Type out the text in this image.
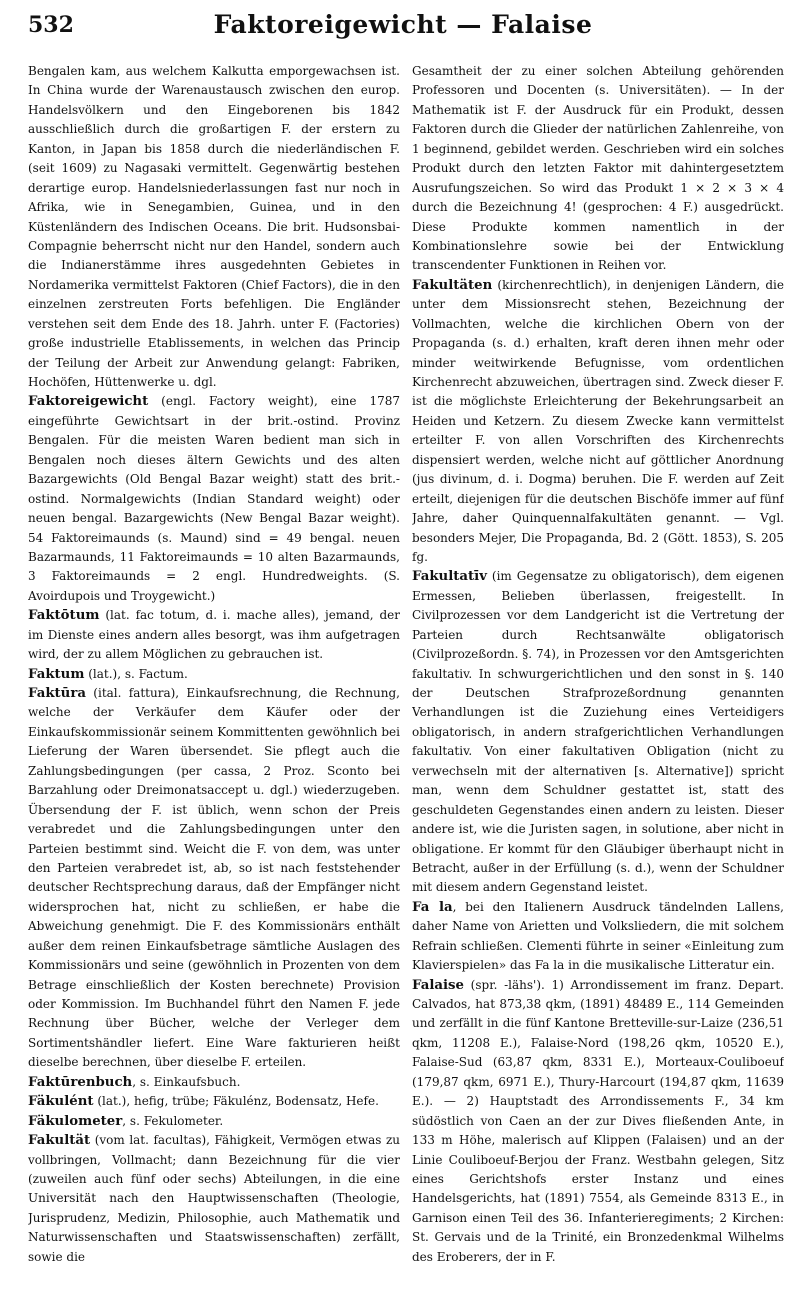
532	Faktoreigewicht — Falaise

Bengalen kam, aus welchem Kalkutta emporgewachsen ist. In China wurde der Warenaustausch zwischen den europ. Handelsvölkern und den Eingeborenen bis 1842 ausschließlich durch die großartigen F. der erstern zu Kanton, in Japan bis 1858 durch die niederländischen F. (seit 1609) zu Nagasaki vermittelt. Gegenwärtig bestehen derartige europ. Handelsniederlassungen fast nur noch in Afrika, wie in Senegambien, Guinea, und in den Küstenländern des Indischen Oceans. Die brit. Hudsonsbai-Compagnie beherrscht nicht nur den Handel, sondern auch die Indianerstämme ihres ausgedehnten Gebietes in Nordamerika vermittelst Faktoren (Chief Factors), die in den einzelnen zerstreuten Forts befehligen. Die Engländer verstehen seit dem Ende des 18. Jahrh. unter F. (Factories) große industrielle Etablissements, in welchen das Princip der Teilung der Arbeit zur Anwendung gelangt: Fabriken, Hochöfen, Hüttenwerke u. dgl.

Faktoreigewicht (engl. Factory weight), eine 1787 eingeführte Gewichtsart in der brit.-ostind. Provinz Bengalen. Für die meisten Waren bedient man sich in Bengalen noch dieses ältern Gewichts und des alten Bazargewichts (Old Bengal Bazar weight) statt des brit.-ostind. Normalgewichts (Indian Standard weight) oder neuen bengal. Bazargewichts (New Bengal Bazar weight). 54 Faktoreimaunds (s. Maund) sind = 49 bengal. neuen Bazarmaunds, 11 Faktoreimaunds = 10 alten Bazarmaunds, 3 Faktoreimaunds = 2 engl. Hundredweights. (S. Avoirdupois und Troygewicht.)

Faktōtum (lat. fac totum, d. i. mache alles), jemand, der im Dienste eines andern alles besorgt, was ihm aufgetragen wird, der zu allem Möglichen zu gebrauchen ist.

Faktum (lat.), s. Factum.

Faktūra (ital. fattura), Einkaufsrechnung, die Rechnung, welche der Verkäufer dem Käufer oder der Einkaufskommissionär seinem Kommittenten gewöhnlich bei Lieferung der Waren übersendet. Sie pflegt auch die Zahlungsbedingungen (per cassa, 2 Proz. Sconto bei Barzahlung oder Dreimonatsaccept u. dgl.) wiederzugeben. Übersendung der F. ist üblich, wenn schon der Preis verabredet und die Zahlungsbedingungen unter den Parteien bestimmt sind. Weicht die F. von dem, was unter den Parteien verabredet ist, ab, so ist nach feststehender deutscher Rechtsprechung daraus, daß der Empfänger nicht widersprochen hat, nicht zu schließen, er habe die Abweichung genehmigt. Die F. des Kommissionärs enthält außer dem reinen Einkaufsbetrage sämtliche Auslagen des Kommissionärs und seine (gewöhnlich in Prozenten von dem Betrage einschließlich der Kosten berechnete) Provision oder Kommission. Im Buchhandel führt den Namen F. jede Rechnung über Bücher, welche der Verleger dem Sortimentshändler liefert. Eine Ware fakturieren heißt dieselbe berechnen, über dieselbe F. erteilen.

Faktūrenbuch, s. Einkaufsbuch.

Fäkulént (lat.), hefig, trübe; Fäkulénz, Bodensatz, Hefe.

Fäkulometer, s. Fekulometer.

Fakultät (vom lat. facultas), Fähigkeit, Vermögen etwas zu vollbringen, Vollmacht; dann Bezeichnung für die vier (zuweilen auch fünf oder sechs) Abteilungen, in die eine Universität nach den Hauptwissenschaften (Theologie, Jurisprudenz, Medizin, Philosophie, auch Mathematik und Naturwissenschaften und Staatswissenschaften) zerfällt, sowie die

Gesamtheit der zu einer solchen Abteilung gehörenden Professoren und Docenten (s. Universitäten). — In der Mathematik ist F. der Ausdruck für ein Produkt, dessen Faktoren durch die Glieder der natürlichen Zahlenreihe, von 1 beginnend, gebildet werden. Geschrieben wird ein solches Produkt durch den letzten Faktor mit dahintergesetztem Ausrufungszeichen. So wird das Produkt 1 × 2 × 3 × 4 durch die Bezeichnung 4! (gesprochen: 4 F.) ausgedrückt. Diese Produkte kommen namentlich in der Kombinationslehre sowie bei der Entwicklung transcendenter Funktionen in Reihen vor.

Fakultäten (kirchenrechtlich), in denjenigen Ländern, die unter dem Missionsrecht stehen, Bezeichnung der Vollmachten, welche die kirchlichen Obern von der Propaganda (s. d.) erhalten, kraft deren ihnen mehr oder minder weitwirkende Befugnisse, vom ordentlichen Kirchenrecht abzuweichen, übertragen sind. Zweck dieser F. ist die möglichste Erleichterung der Bekehrungsarbeit an Heiden und Ketzern. Zu diesem Zwecke kann vermittelst erteilter F. von allen Vorschriften des Kirchenrechts dispensiert werden, welche nicht auf göttlicher Anordnung (jus divinum, d. i. Dogma) beruhen. Die F. werden auf Zeit erteilt, diejenigen für die deutschen Bischöfe immer auf fünf Jahre, daher Quinquennalfakultäten genannt. — Vgl. besonders Mejer, Die Propaganda, Bd. 2 (Gött. 1853), S. 205 fg.

Fakultatīv (im Gegensatze zu obligatorisch), dem eigenen Ermessen, Belieben überlassen, freigestellt. In Civilprozessen vor dem Landgericht ist die Vertretung der Parteien durch Rechtsanwälte obligatorisch (Civilprozeßordn. §. 74), in Prozessen vor den Amtsgerichten fakultativ. In schwurgerichtlichen und den sonst in §. 140 der Deutschen Strafprozeßordnung genannten Verhandlungen ist die Zuziehung eines Verteidigers obligatorisch, in andern strafgerichtlichen Verhandlungen fakultativ. Von einer fakultativen Obligation (nicht zu verwechseln mit der alternativen [s. Alternative]) spricht man, wenn dem Schuldner gestattet ist, statt des geschuldeten Gegenstandes einen andern zu leisten. Dieser andere ist, wie die Juristen sagen, in solutione, aber nicht in obligatione. Er kommt für den Gläubiger überhaupt nicht in Betracht, außer in der Erfüllung (s. d.), wenn der Schuldner mit diesem andern Gegenstand leistet.

Fa la, bei den Italienern Ausdruck tändelnden Lallens, daher Name von Arietten und Volksliedern, die mit solchem Refrain schließen. Clementi führte in seiner «Einleitung zum Klavierspielen» das Fa la in die musikalische Litteratur ein.

Falaise (spr. -lähs'). 1) Arrondissement im franz. Depart. Calvados, hat 873,38 qkm, (1891) 48489 E., 114 Gemeinden und zerfällt in die fünf Kantone Bretteville-sur-Laize (236,51 qkm, 11208 E.), Falaise-Nord (198,26 qkm, 10520 E.), Falaise-Sud (63,87 qkm, 8331 E.), Morteaux-Couliboeuf (179,87 qkm, 6971 E.), Thury-Harcourt (194,87 qkm, 11639 E.). — 2) Hauptstadt des Arrondissements F., 34 km südöstlich von Caen an der zur Dives fließenden Ante, in 133 m Höhe, malerisch auf Klippen (Falaisen) und an der Linie Couliboeuf-Berjou der Franz. Westbahn gelegen, Sitz eines Gerichtshofs erster Instanz und eines Handelsgerichts, hat (1891) 7554, als Gemeinde 8313 E., in Garnison einen Teil des 36. Infanterieregiments; 2 Kirchen: St. Gervais und de la Trinité, ein Bronzedenkmal Wilhelms des Eroberers, der in F.
